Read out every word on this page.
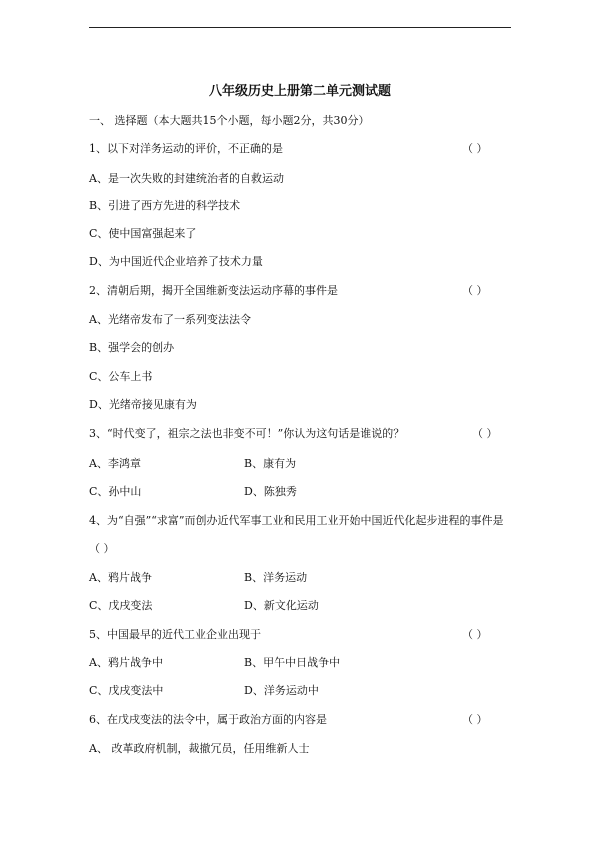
八年级历史上册第二单元测试题
一、 选择题（本大题共15个小题，每小题2分，共30分）
1、以下对洋务运动的评价，不正确的是	（ ）
A、是一次失败的封建统治者的自救运动
B、引进了西方先进的科学技术
C、使中国富强起来了
D、为中国近代企业培养了技术力量
2、清朝后期，揭开全国维新变法运动序幕的事件是	（ ）
A、光绪帝发布了一系列变法法令
B、强学会的创办
C、公车上书
D、光绪帝接见康有为
3、“时代变了，祖宗之法也非变不可！”你认为这句话是谁说的？	（ ）
A、李鸿章	B、康有为
C、孙中山	D、陈独秀
4、为“自强”“求富”而创办近代军事工业和民用工业开始中国近代化起步进程的事件是
（ ）
A、鸦片战争	B、洋务运动
C、戊戌变法	D、新文化运动
5、中国最早的近代工业企业出现于	（ ）
A、鸦片战争中	B、甲午中日战争中
C、戊戌变法中	D、洋务运动中
6、在戊戌变法的法令中，属于政治方面的内容是	（ ）
A、 改革政府机制，裁撤冗员，任用维新人士
